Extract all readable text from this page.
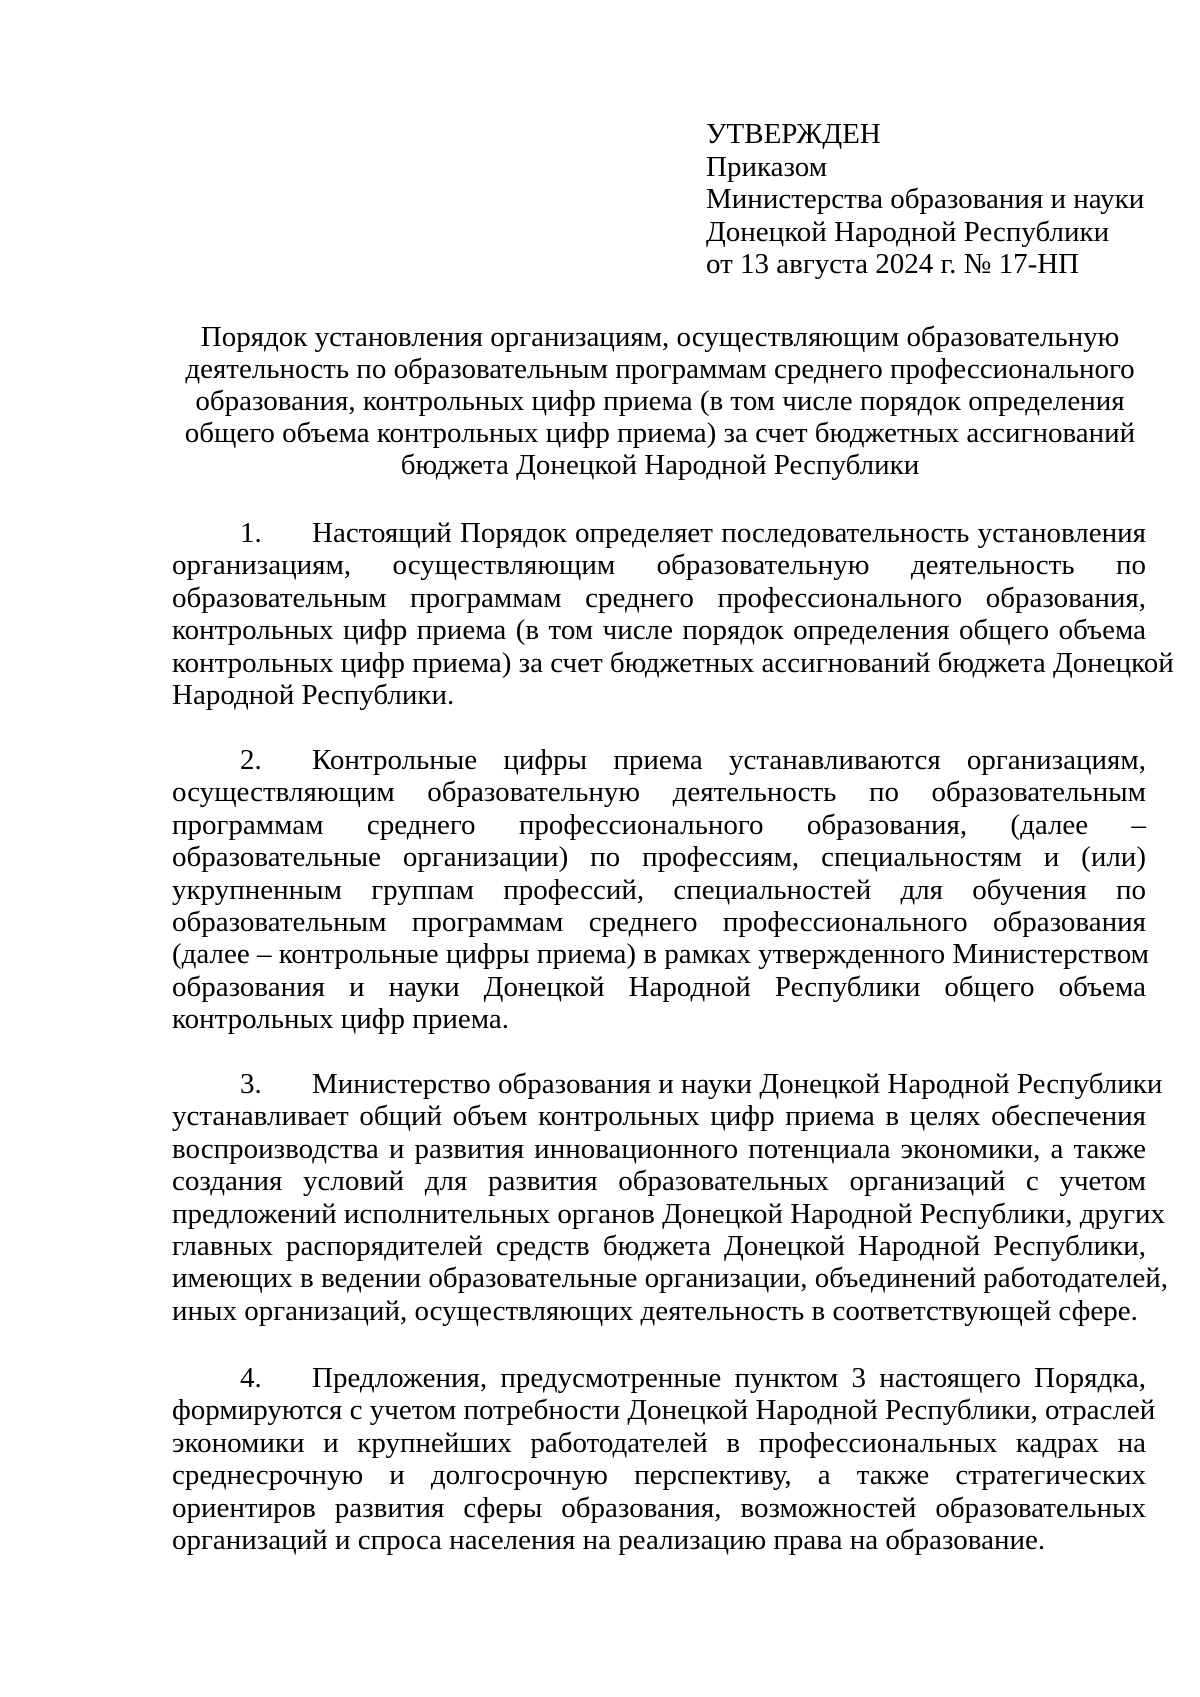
УТВЕРЖДЕН
Приказом
Министерства образования и науки
Донецкой Народной Республики
от 13 августа 2024 г. № 17-НП
Порядок установления организациям, осуществляющим образовательную
деятельность по образовательным программам среднего профессионального
образования, контрольных цифр приема (в том числе порядок определения
общего объема контрольных цифр приема) за счет бюджетных ассигнований
бюджета Донецкой Народной Республики
1. Настоящий Порядок определяет последовательность установления
организациям, осуществляющим образовательную деятельность по
образовательным программам среднего профессионального образования,
контрольных цифр приема (в том числе порядок определения общего объема
контрольных цифр приема) за счет бюджетных ассигнований бюджета Донецкой
Народной Республики.
2. Контрольные цифры приема устанавливаются организациям,
осуществляющим образовательную деятельность по образовательным
программам среднего профессионального образования, (далее –
образовательные организации) по профессиям, специальностям и (или)
укрупненным группам профессий, специальностей для обучения по
образовательным программам среднего профессионального образования
(далее – контрольные цифры приема) в рамках утвержденного Министерством
образования и науки Донецкой Народной Республики общего объема
контрольных цифр приема.
3. Министерство образования и науки Донецкой Народной Республики
устанавливает общий объем контрольных цифр приема в целях обеспечения
воспроизводства и развития инновационного потенциала экономики, а также
создания условий для развития образовательных организаций с учетом
предложений исполнительных органов Донецкой Народной Республики, других
главных распорядителей средств бюджета Донецкой Народной Республики,
имеющих в ведении образовательные организации, объединений работодателей,
иных организаций, осуществляющих деятельность в соответствующей сфере.
4. Предложения, предусмотренные пунктом 3 настоящего Порядка,
формируются с учетом потребности Донецкой Народной Республики, отраслей
экономики и крупнейших работодателей в профессиональных кадрах на
среднесрочную и долгосрочную перспективу, а также стратегических
ориентиров развития сферы образования, возможностей образовательных
организаций и спроса населения на реализацию права на образование.
